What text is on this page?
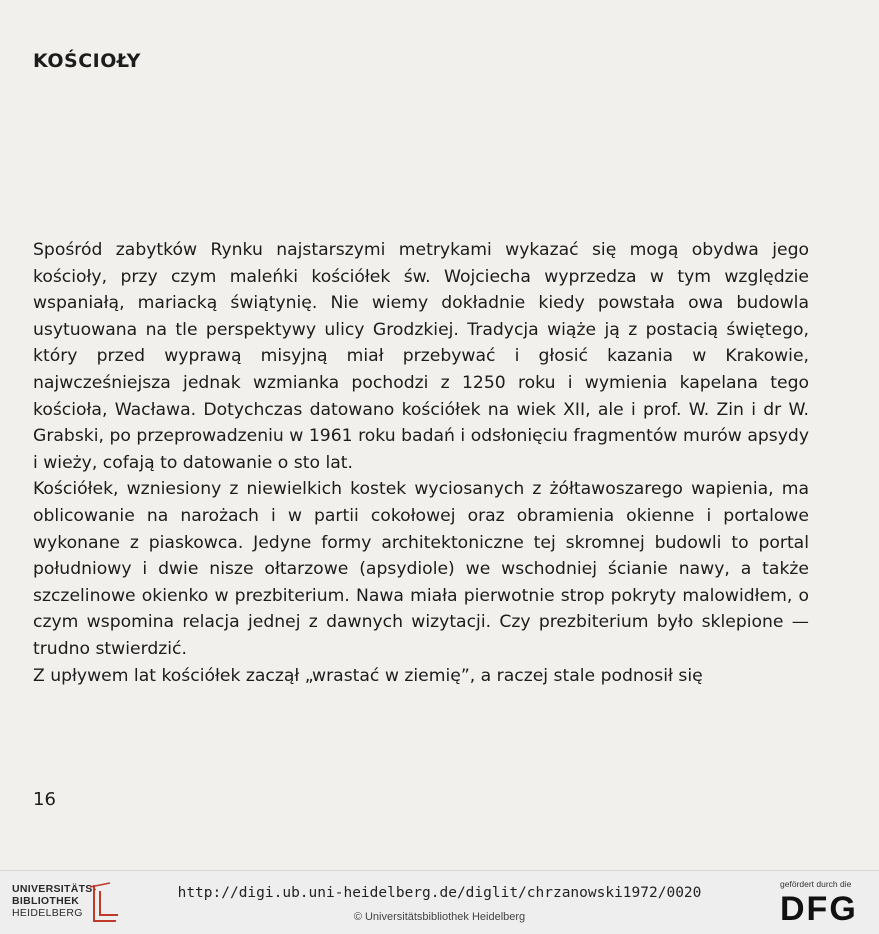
KOŚCIOŁY

Spośród zabytków Rynku najstarszymi metrykami wykazać się mogą obydwa jego kościoły, przy czym maleńki kościółek św. Wojciecha wyprzedza w tym względzie wspaniałą, mariacką świątynię. Nie wiemy dokładnie kiedy powstała owa budowla usytuowana na tle perspektywy ulicy Grodzkiej. Tradycja wiąże ją z postacią świętego, który przed wyprawą misyjną miał przebywać i głosić kazania w Krakowie, najwcześniejsza jednak wzmianka pochodzi z 1250 roku i wymienia kapelana tego kościoła, Wacława. Dotychczas datowano kościółek na wiek XII, ale i prof. W. Zin i dr W. Grabski, po przeprowadzeniu w 1961 roku badań i odsłonięciu fragmentów murów apsydy i wieży, cofają to datowanie o sto lat.

Kościółek, wzniesiony z niewielkich kostek wyciosanych z żółtawoszarego wapienia, ma oblicowanie na narożach i w partii cokołowej oraz obramienia okienne i portalowe wykonane z piaskowca. Jedyne formy architektoniczne tej skromnej budowli to portal południowy i dwie nisze ołtarzowe (apsydiole) we wschodniej ścianie nawy, a także szczelinowe okienko w prezbiterium. Nawa miała pierwotnie strop pokryty malowidłem, o czym wspomina relacja jednej z dawnych wizytacji. Czy prezbiterium było sklepione — trudno stwierdzić.

Z upływem lat kościółek zaczął „wrastać w ziemię”, a raczej stale podnosił się

16
UNIVERSITÄTS-
BIBLIOTHEK
HEIDELBERG
http://digi.ub.uni-heidelberg.de/diglit/chrzanowski1972/0020
© Universitätsbibliothek Heidelberg
gefördert durch die
DFG
